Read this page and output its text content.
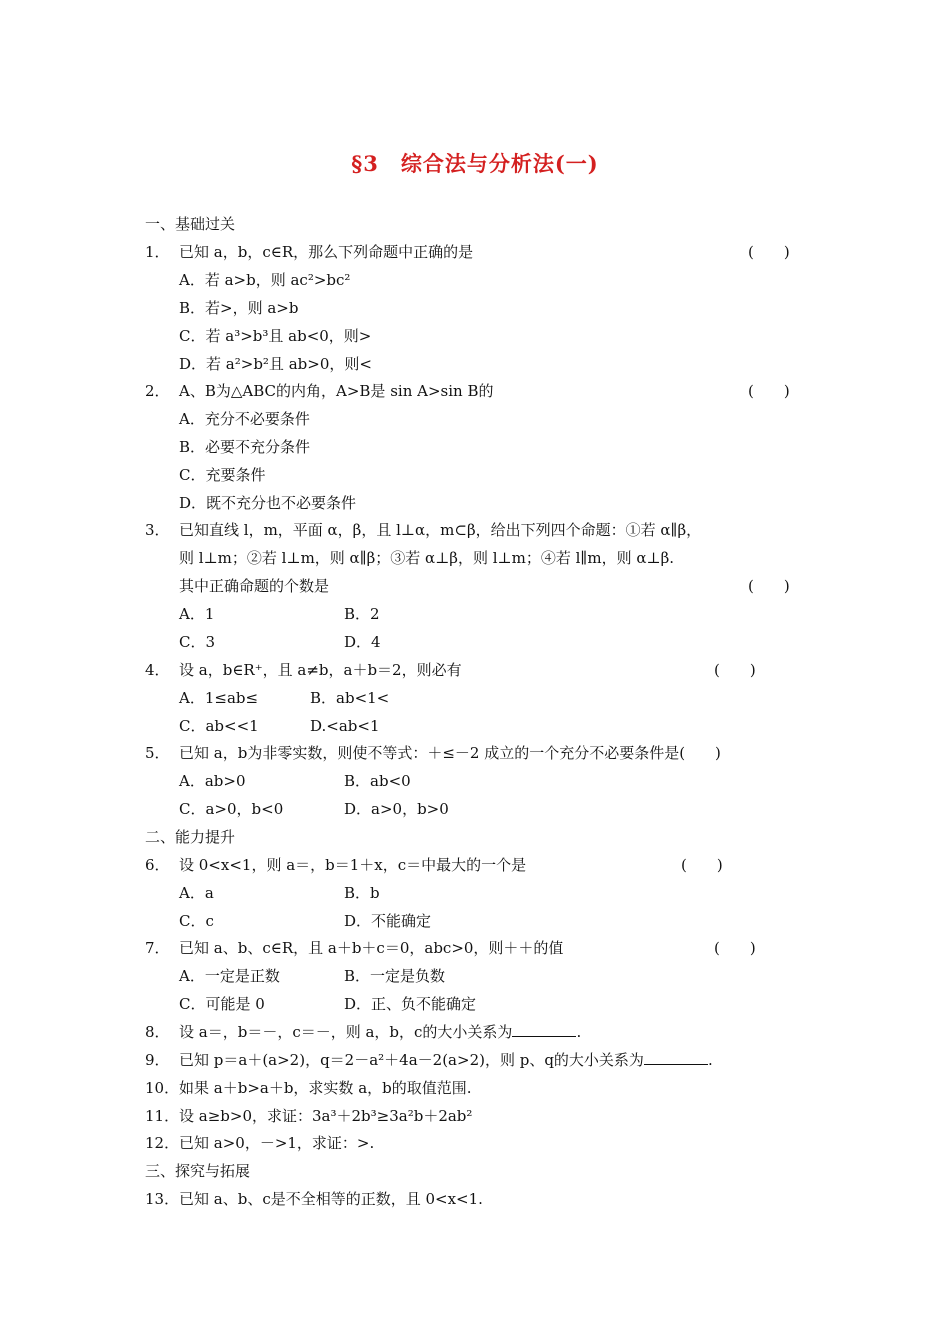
§3　综合法与分析法(一)
一、基础过关
1． 已知 a，b，c∈R，那么下列命题中正确的是	(　　)
A．若 a>b，则 ac²>bc²
B．若>，则 a>b
C．若 a³>b³且 ab<0，则>
D．若 a²>b²且 ab>0，则<
2． A、B为△ABC的内角，A>B是 sin A>sin B的	(　　)
A．充分不必要条件
B．必要不充分条件
C．充要条件
D．既不充分也不必要条件
3． 已知直线 l，m，平面 α，β，且 l⊥α，m⊂β，给出下列四个命题：①若 α∥β，
则 l⊥m；②若 l⊥m，则 α∥β；③若 α⊥β，则 l⊥m；④若 l∥m，则 α⊥β.
其中正确命题的个数是	(　　)
A．1	B．2
C．3	D．4
4． 设 a，b∈R⁺，且 a≠b，a＋b＝2，则必有	(　　)
A．1≤ab≤	B．ab<1<
C．ab<<1	D.<ab<1
5． 已知 a，b为非零实数，则使不等式：＋≤－2 成立的一个充分不必要条件是(　　)
A．ab>0	B．ab<0
C．a>0，b<0	D．a>0，b>0
二、能力提升
6． 设 0<x<1，则 a＝，b＝1＋x，c＝中最大的一个是	(　　)
A．a	B．b
C．c	D．不能确定
7． 已知 a、b、c∈R，且 a＋b＋c＝0，abc>0，则＋＋的值	(　　)
A．一定是正数	B．一定是负数
C．可能是 0	D．正、负不能确定
8． 设 a＝，b＝－，c＝－，则 a，b，c的大小关系为	.
9． 已知 p＝a＋(a>2)，q＝2－a²＋4a－2(a>2)，则 p、q的大小关系为	.
10．如果 a＋b>a＋b，求实数 a，b的取值范围.
11．设 a≥b>0，求证：3a³＋2b³≥3a²b＋2ab²
12．已知 a>0，－>1，求证：>.
三、探究与拓展
13．已知 a、b、c是不全相等的正数，且 0<x<1.
